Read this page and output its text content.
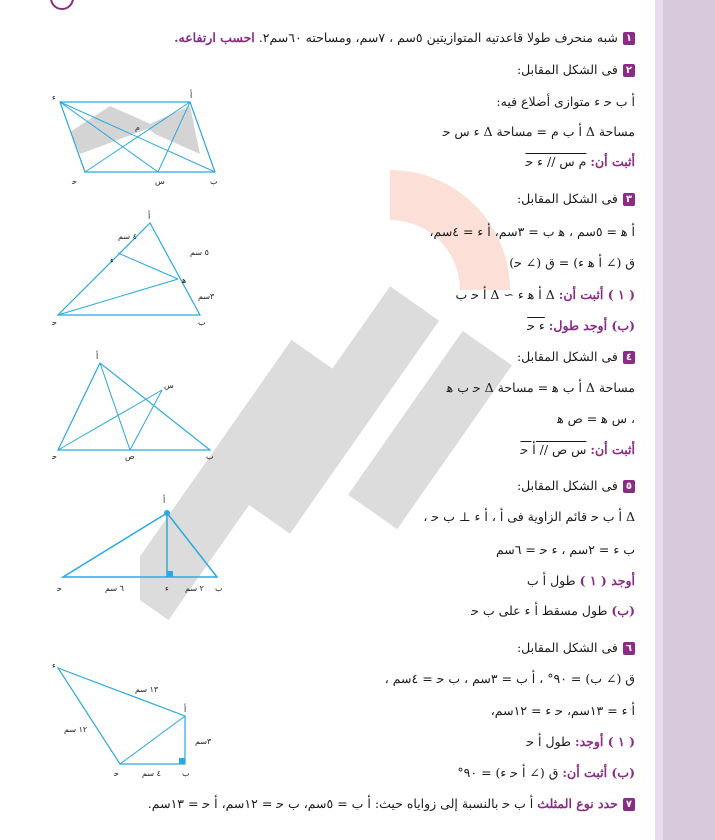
١شبه منحرف طولا قاعدتيه المتوازيتين ٥سم ، ٧سم، ومساحته ٦٠سم٢. احسب ارتفاعه.
٢فى الشكل المقابل:
ﺃ ﺏ ﺣ ﺀ متوازى أضلاع فيه:
مساحة Δ ﺃ ﺏ م = مساحة Δ ﺀ س ﺣ
أثبت أن: م س // ﺀ ﺣ
٣فى الشكل المقابل:
ﺃ ﻫ = ٥سم ، ﻫ ﺏ = ٣سم، ﺃ ﺀ = ٤سم،
ق (∠ ﺃ ﻫ ﺀ) = ق (∠ ﺣ)
( ١ ) أثبت أن: Δ ﺃ ﻫ ﺀ ∼ Δ ﺃ ﺣ ﺏ
(ب) أوجد طول: ﺀ ﺣ
٤فى الشكل المقابل:
مساحة Δ ﺃ ﺏ ﻫ = مساحة Δ ﺣ ﺏ ﻫ
، س ﻫ = ص ﻫ
أثبت أن: س ص // ﺃ ﺣ
٥فى الشكل المقابل:
Δ ﺃ ﺏ ﺣ قائم الزاوية فى ﺃ ، ﺃ ﺀ ⊥ ﺏ ﺣ ،
ﺏ ﺀ = ٢سم ، ﺀ ﺣ = ٦سم
أوجد ( ١ ) طول ﺃ ﺏ
(ب) طول مسقط ﺃ ﺀ على ﺏ ﺣ
٦فى الشكل المقابل:
ق (∠ ﺏ) = ٩٠° ، ﺃ ﺏ = ٣سم ، ﺏ ﺣ = ٤سم ،
ﺃ ﺀ = ١٣سم، ﺣ ﺀ = ١٢سم،
( ١ ) أوجد: طول ﺃ ﺣ
(ب) أثبت أن: ق (∠ ﺃ ﺣ ﺀ) = ٩٠°
٧حدد نوع المثلث ﺃ ﺏ ﺣ بالنسبة إلى زواياه حيث: ﺃ ﺏ = ٥سم، ﺏ ﺣ = ١٢سم، ﺃ ﺣ = ١٣سم.
ﺀ	ﺃ
ﺣ	ﺏ
م
س
ﺃ
ﺀ
ﻫ
ﺣ	ﺏ
٤ سم
٥ سم
٣سم
ﺃ
س
ص
ﺣ	ﺏ
ﺃ
ﺣ	ﺀ	ﺏ
٦ سم	٢ سم
ﺀ
ﺃ
ﺏ
ﺣ
١٣ سم
١٢ سم
٣سم
٤ سم
